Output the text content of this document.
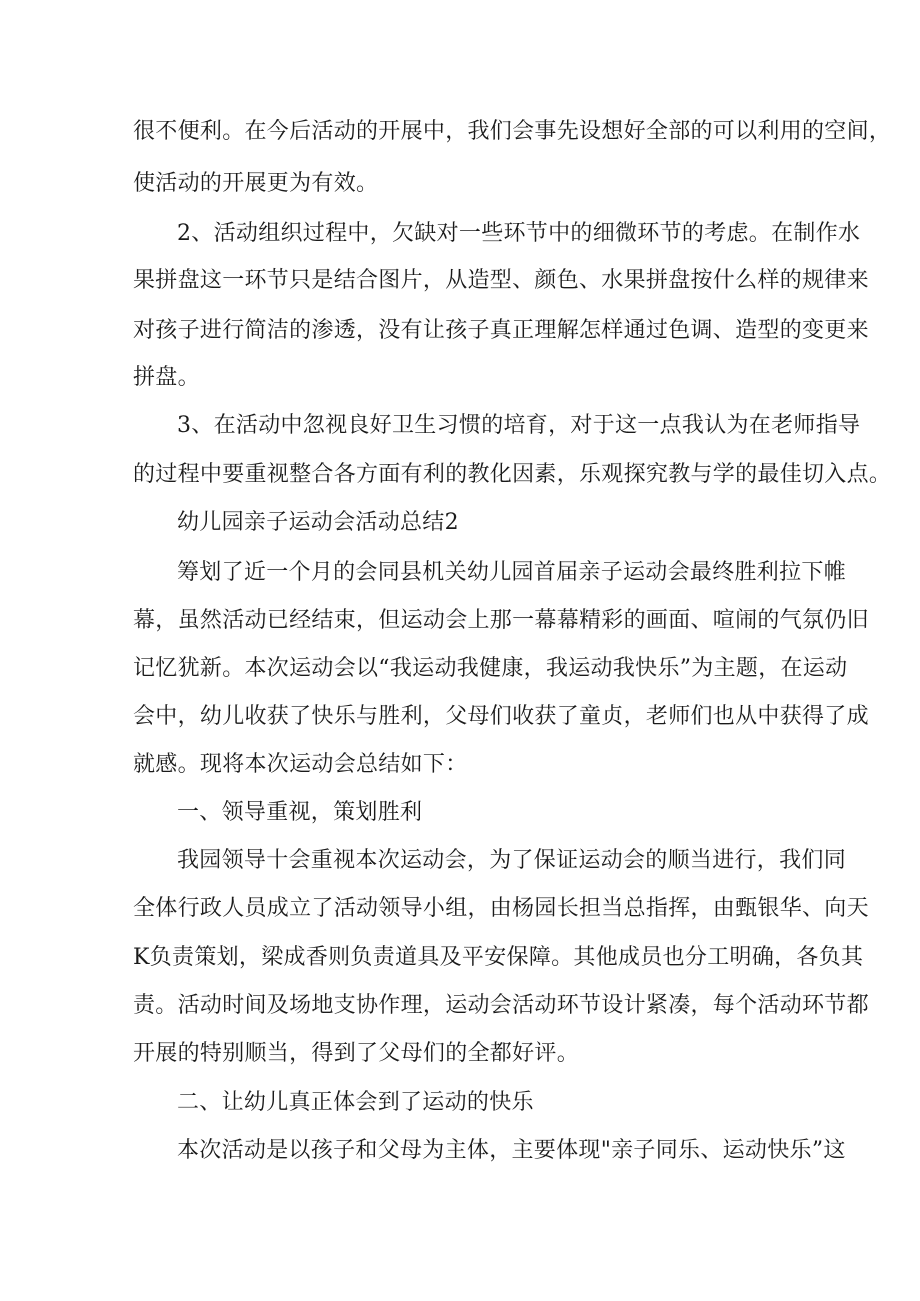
很不便利。在今后活动的开展中，我们会事先设想好全部的可以利用的空间，
使活动的开展更为有效。
2、活动组织过程中，欠缺对一些环节中的细微环节的考虑。在制作水
果拼盘这一环节只是结合图片，从造型、颜色、水果拼盘按什么样的规律来
对孩子进行简洁的渗透，没有让孩子真正理解怎样通过色调、造型的变更来
拼盘。
3、在活动中忽视良好卫生习惯的培育，对于这一点我认为在老师指导
的过程中要重视整合各方面有利的教化因素，乐观探究教与学的最佳切入点。
幼儿园亲子运动会活动总结2
筹划了近一个月的会同县机关幼儿园首届亲子运动会最终胜利拉下帷
幕，虽然活动已经结束，但运动会上那一幕幕精彩的画面、喧闹的气氛仍旧
记忆犹新。本次运动会以“我运动我健康，我运动我快乐”为主题，在运动
会中，幼儿收获了快乐与胜利，父母们收获了童贞，老师们也从中获得了成
就感。现将本次运动会总结如下：
一、领导重视，策划胜利
我园领导十会重视本次运动会，为了保证运动会的顺当进行，我们同
全体行政人员成立了活动领导小组，由杨园长担当总指挥，由甄银华、向天
K负责策划，梁成香则负责道具及平安保障。其他成员也分工明确，各负其
责。活动时间及场地支协作理，运动会活动环节设计紧凑，每个活动环节都
开展的特别顺当，得到了父母们的全都好评。
二、让幼儿真正体会到了运动的快乐
本次活动是以孩子和父母为主体，主要体现"亲子同乐、运动快乐”这
